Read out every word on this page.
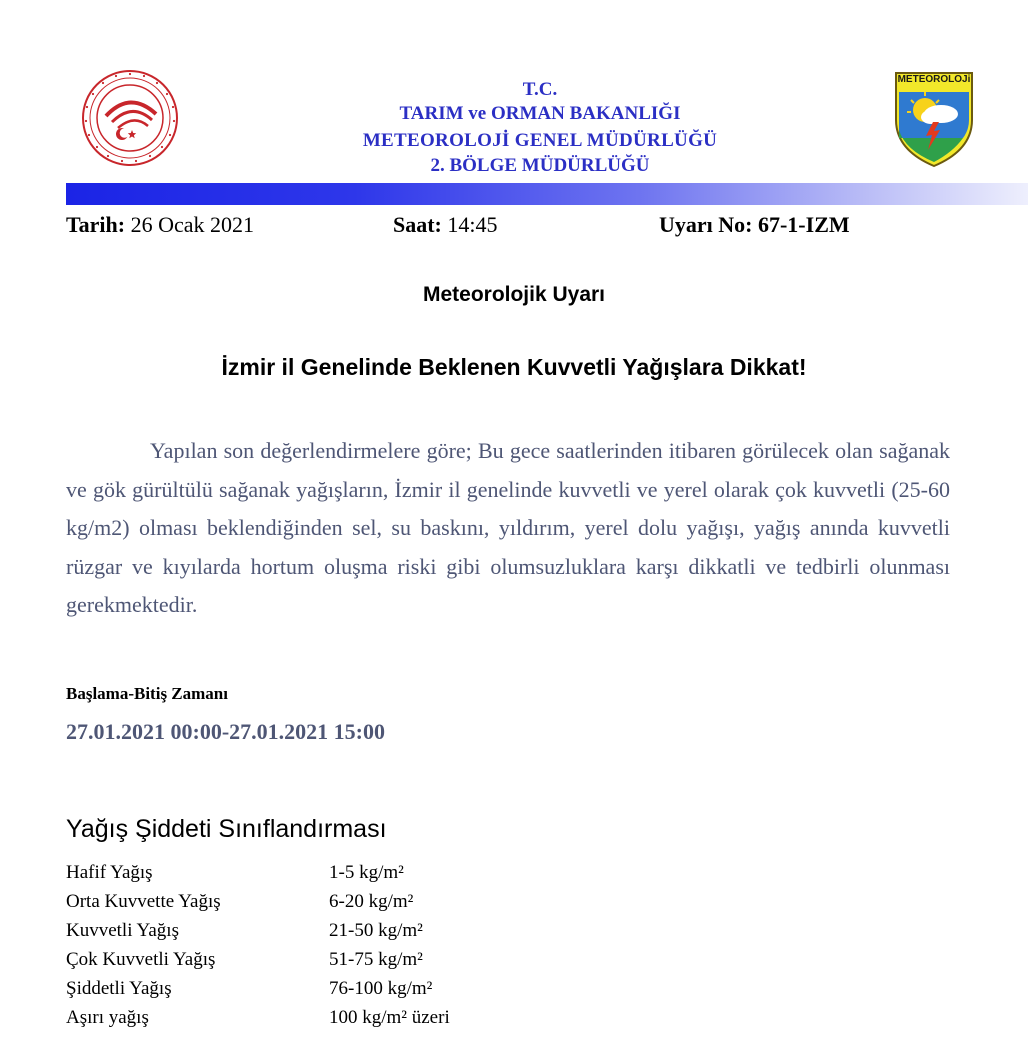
T.C.
TARIM ve ORMAN BAKANLIĞI
METEOROLOJİ GENEL MÜDÜRLÜĞÜ
2. BÖLGE MÜDÜRLÜĞÜ
METEOROLOJi
Tarih: 26 Ocak 2021	Saat: 14:45	Uyarı No: 67-1-IZM
Meteorolojik Uyarı
İzmir il Genelinde Beklenen Kuvvetli Yağışlara Dikkat!
Yapılan son değerlendirmelere göre; Bu gece saatlerinden itibaren görülecek olan sağanak ve gök gürültülü sağanak yağışların, İzmir il genelinde kuvvetli ve yerel olarak çok kuvvetli (25-60 kg/m2) olması beklendiğinden sel, su baskını, yıldırım, yerel dolu yağışı, yağış anında kuvvetli rüzgar ve kıyılarda hortum oluşma riski gibi olumsuzluklara karşı dikkatli ve tedbirli olunması gerekmektedir.
Başlama-Bitiş Zamanı
27.01.2021 00:00-27.01.2021 15:00
Yağış Şiddeti Sınıflandırması
Hafif Yağış	1-5 kg/m²
Orta Kuvvette Yağış	6-20 kg/m²
Kuvvetli Yağış	21-50 kg/m²
Çok Kuvvetli Yağış	51-75 kg/m²
Şiddetli Yağış	76-100 kg/m²
Aşırı yağış	100 kg/m² üzeri
